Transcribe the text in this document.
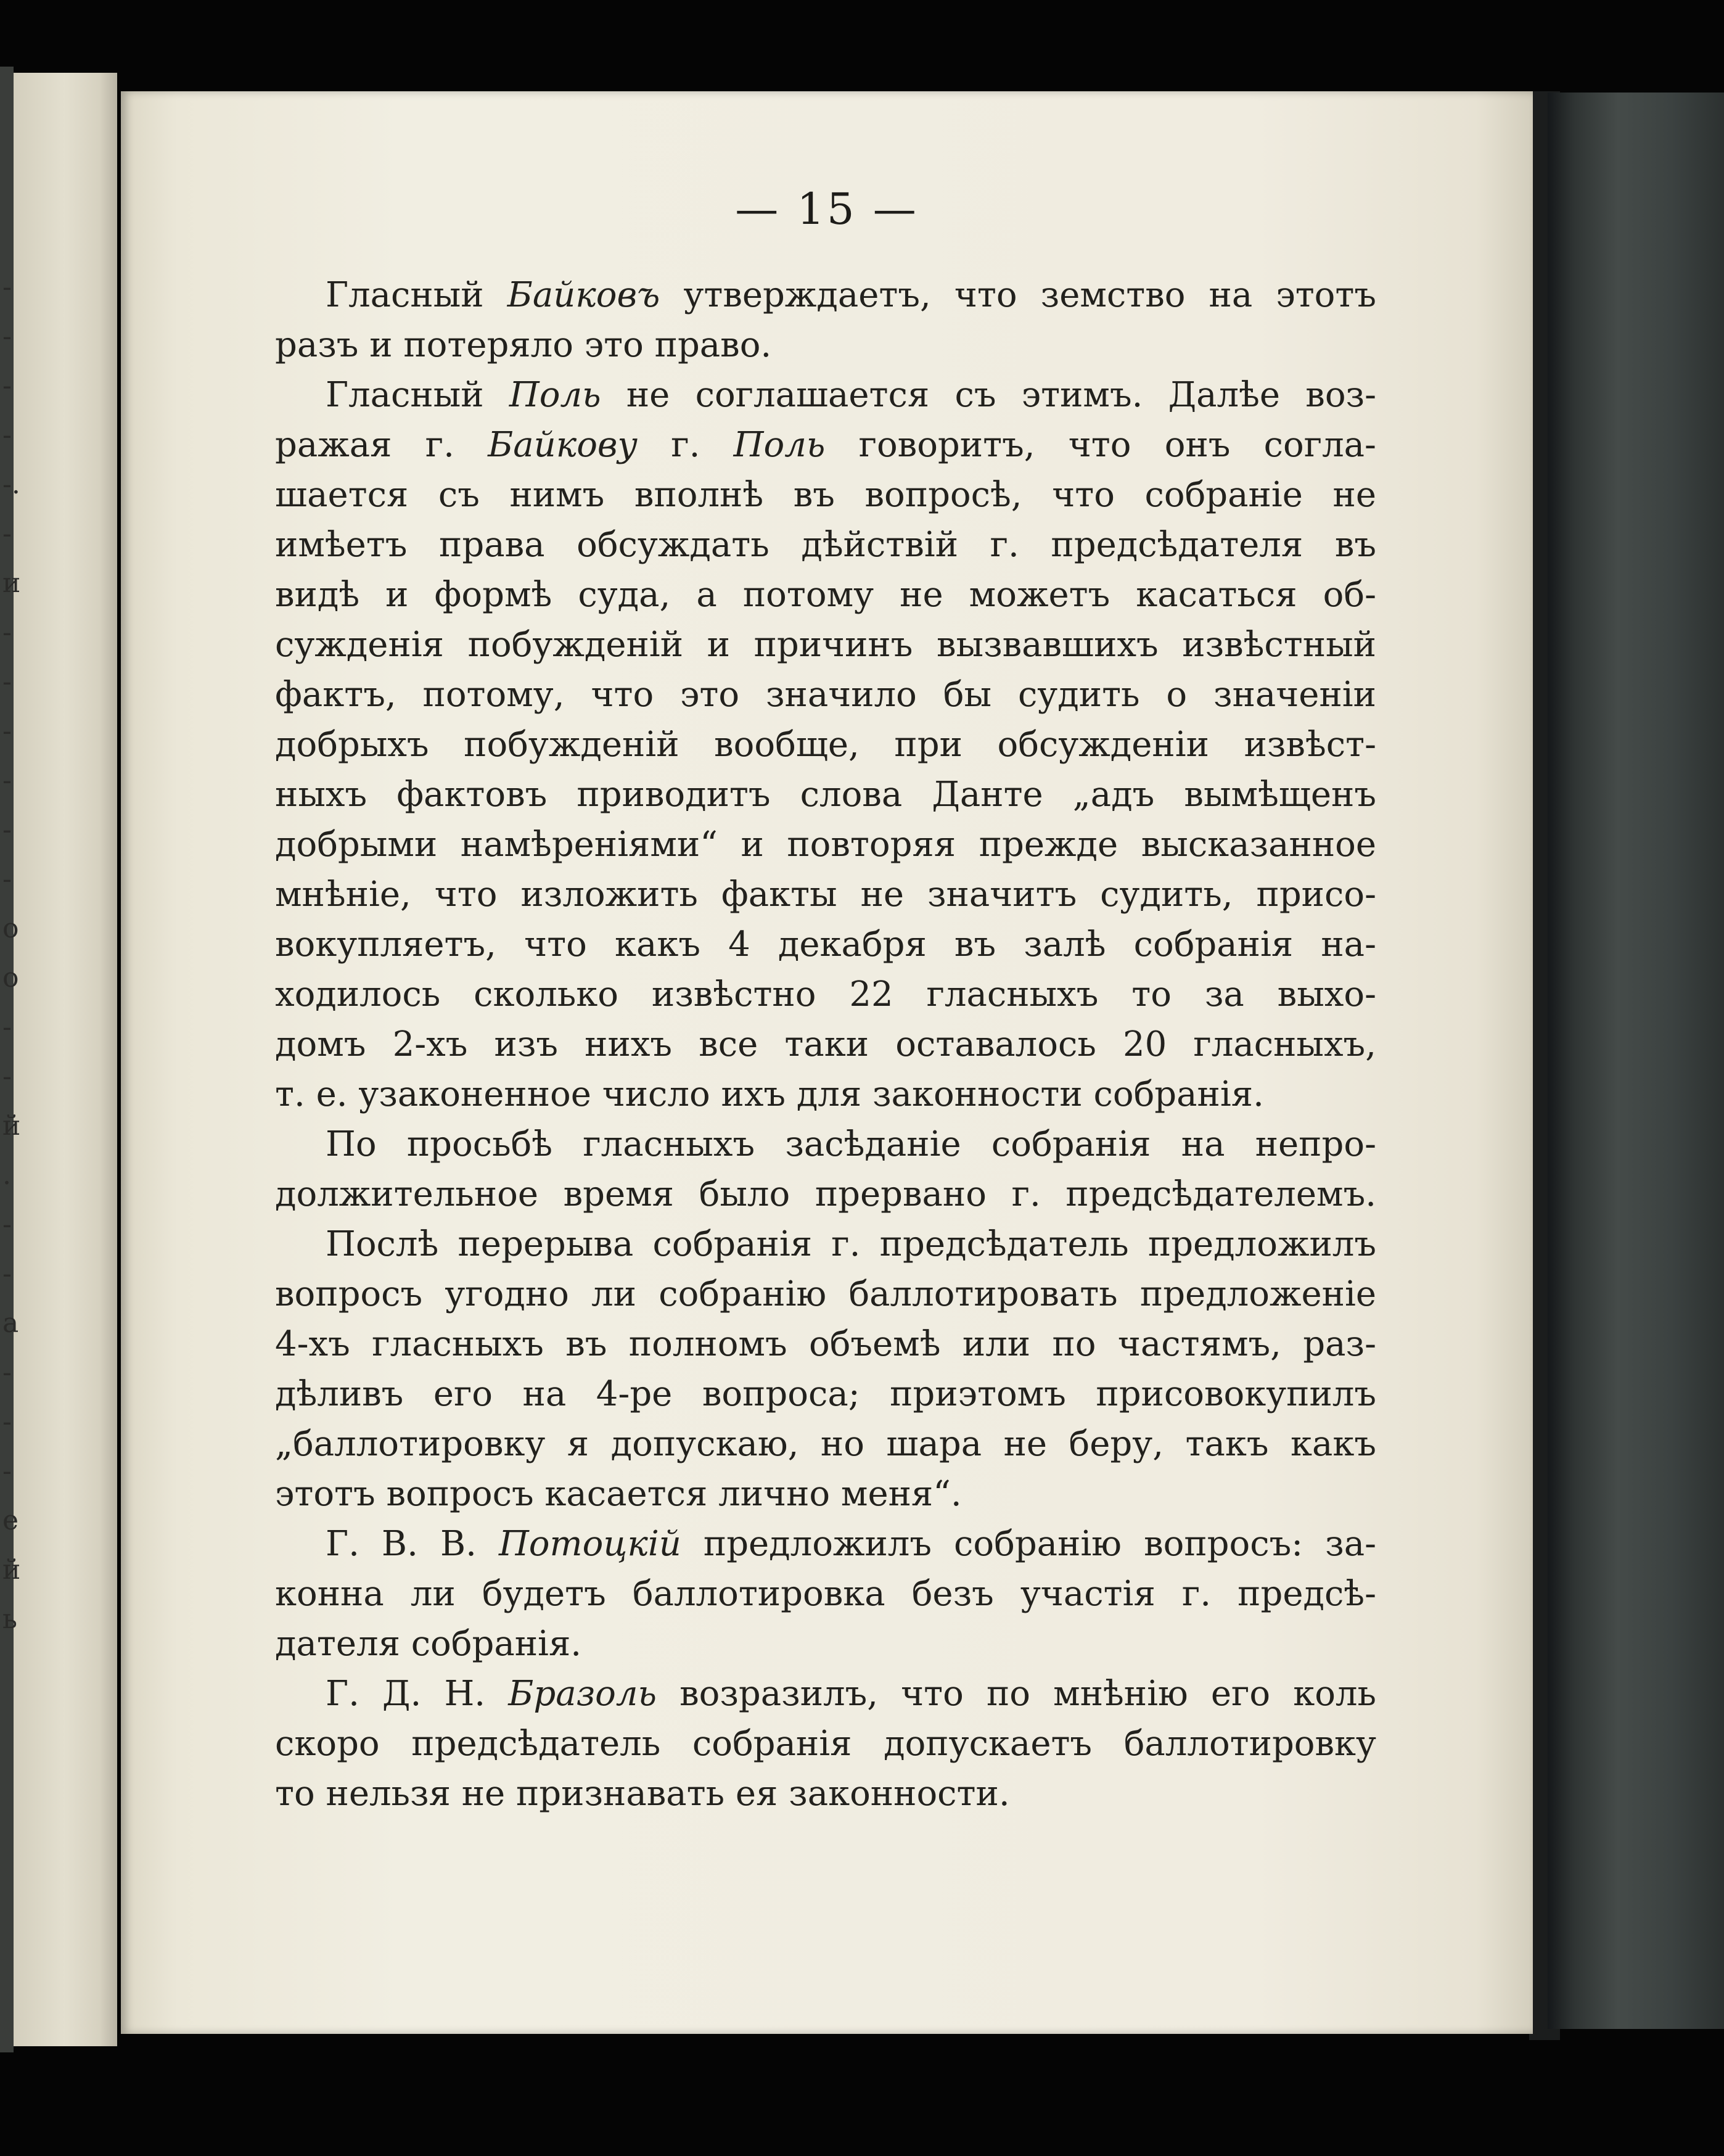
-
-
-
-
-.
-
и
-
-
-
-
-
-
о
о
-
-
й
.
-
-
а
-
-
-
е
й
ь
— 15 —
Гласный Байковъ утверждаетъ, что земство на этотъ
разъ и потеряло это право.
Гласный Поль не соглашается съ этимъ. Далѣе воз-
ражая г. Байкову г. Поль говоритъ, что онъ согла-
шается съ нимъ вполнѣ въ вопросѣ, что собраніе не
имѣетъ права обсуждать дѣйствій г. предсѣдателя въ
видѣ и формѣ суда, а потому не можетъ касаться об-
сужденія побужденій и причинъ вызвавшихъ извѣстный
фактъ, потому, что это значило бы судить о значеніи
добрыхъ побужденій вообще, при обсужденіи извѣст-
ныхъ фактовъ приводитъ слова Данте „адъ вымѣщенъ
добрыми намѣреніями“ и повторяя прежде высказанное
мнѣніе, что изложить факты не значитъ судить, присо-
вокупляетъ, что какъ 4 декабря въ залѣ собранія на-
ходилось сколько извѣстно 22 гласныхъ то за выхо-
домъ 2-хъ изъ нихъ все таки оставалось 20 гласныхъ,
т. е. узаконенное число ихъ для законности собранія.
По просьбѣ гласныхъ засѣданіе собранія на непро-
должительное время было прервано г. предсѣдателемъ.
Послѣ перерыва собранія г. предсѣдатель предложилъ
вопросъ угодно ли собранію баллотировать предложеніе
4-хъ гласныхъ въ полномъ объемѣ или по частямъ, раз-
дѣливъ его на 4-ре вопроса; приэтомъ присовокупилъ
„баллотировку я допускаю, но шара не беру, такъ какъ
этотъ вопросъ касается лично меня“.
Г. В. В. Потоцкій предложилъ собранію вопросъ: за-
конна ли будетъ баллотировка безъ участія г. предсѣ-
дателя собранія.
Г. Д. Н. Бразоль возразилъ, что по мнѣнію его коль
скоро предсѣдатель собранія допускаетъ баллотировку
то нельзя не признавать ея законности.
